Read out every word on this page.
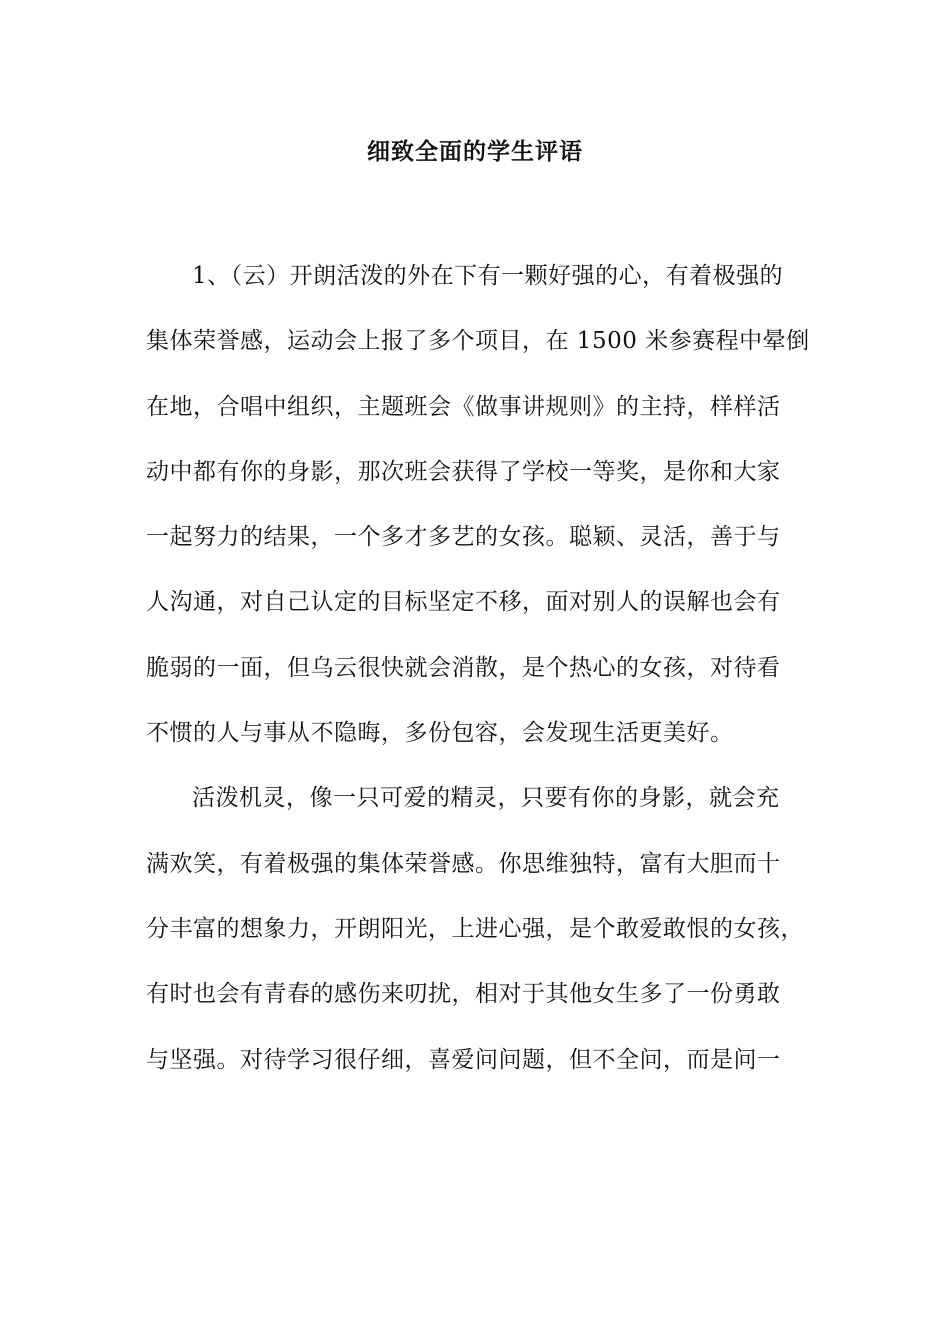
细致全面的学生评语
1、（云）开朗活泼的外在下有一颗好强的心，有着极强的
集体荣誉感，运动会上报了多个项目，在 1500 米参赛程中晕倒
在地，合唱中组织，主题班会《做事讲规则》的主持，样样活
动中都有你的身影，那次班会获得了学校一等奖，是你和大家
一起努力的结果，一个多才多艺的女孩。聪颖、灵活，善于与
人沟通，对自己认定的目标坚定不移，面对别人的误解也会有
脆弱的一面，但乌云很快就会消散，是个热心的女孩，对待看
不惯的人与事从不隐晦，多份包容，会发现生活更美好。
活泼机灵，像一只可爱的精灵，只要有你的身影，就会充
满欢笑，有着极强的集体荣誉感。你思维独特，富有大胆而十
分丰富的想象力，开朗阳光，上进心强，是个敢爱敢恨的女孩，
有时也会有青春的感伤来叨扰，相对于其他女生多了一份勇敢
与坚强。对待学习很仔细，喜爱问问题，但不全问，而是问一
